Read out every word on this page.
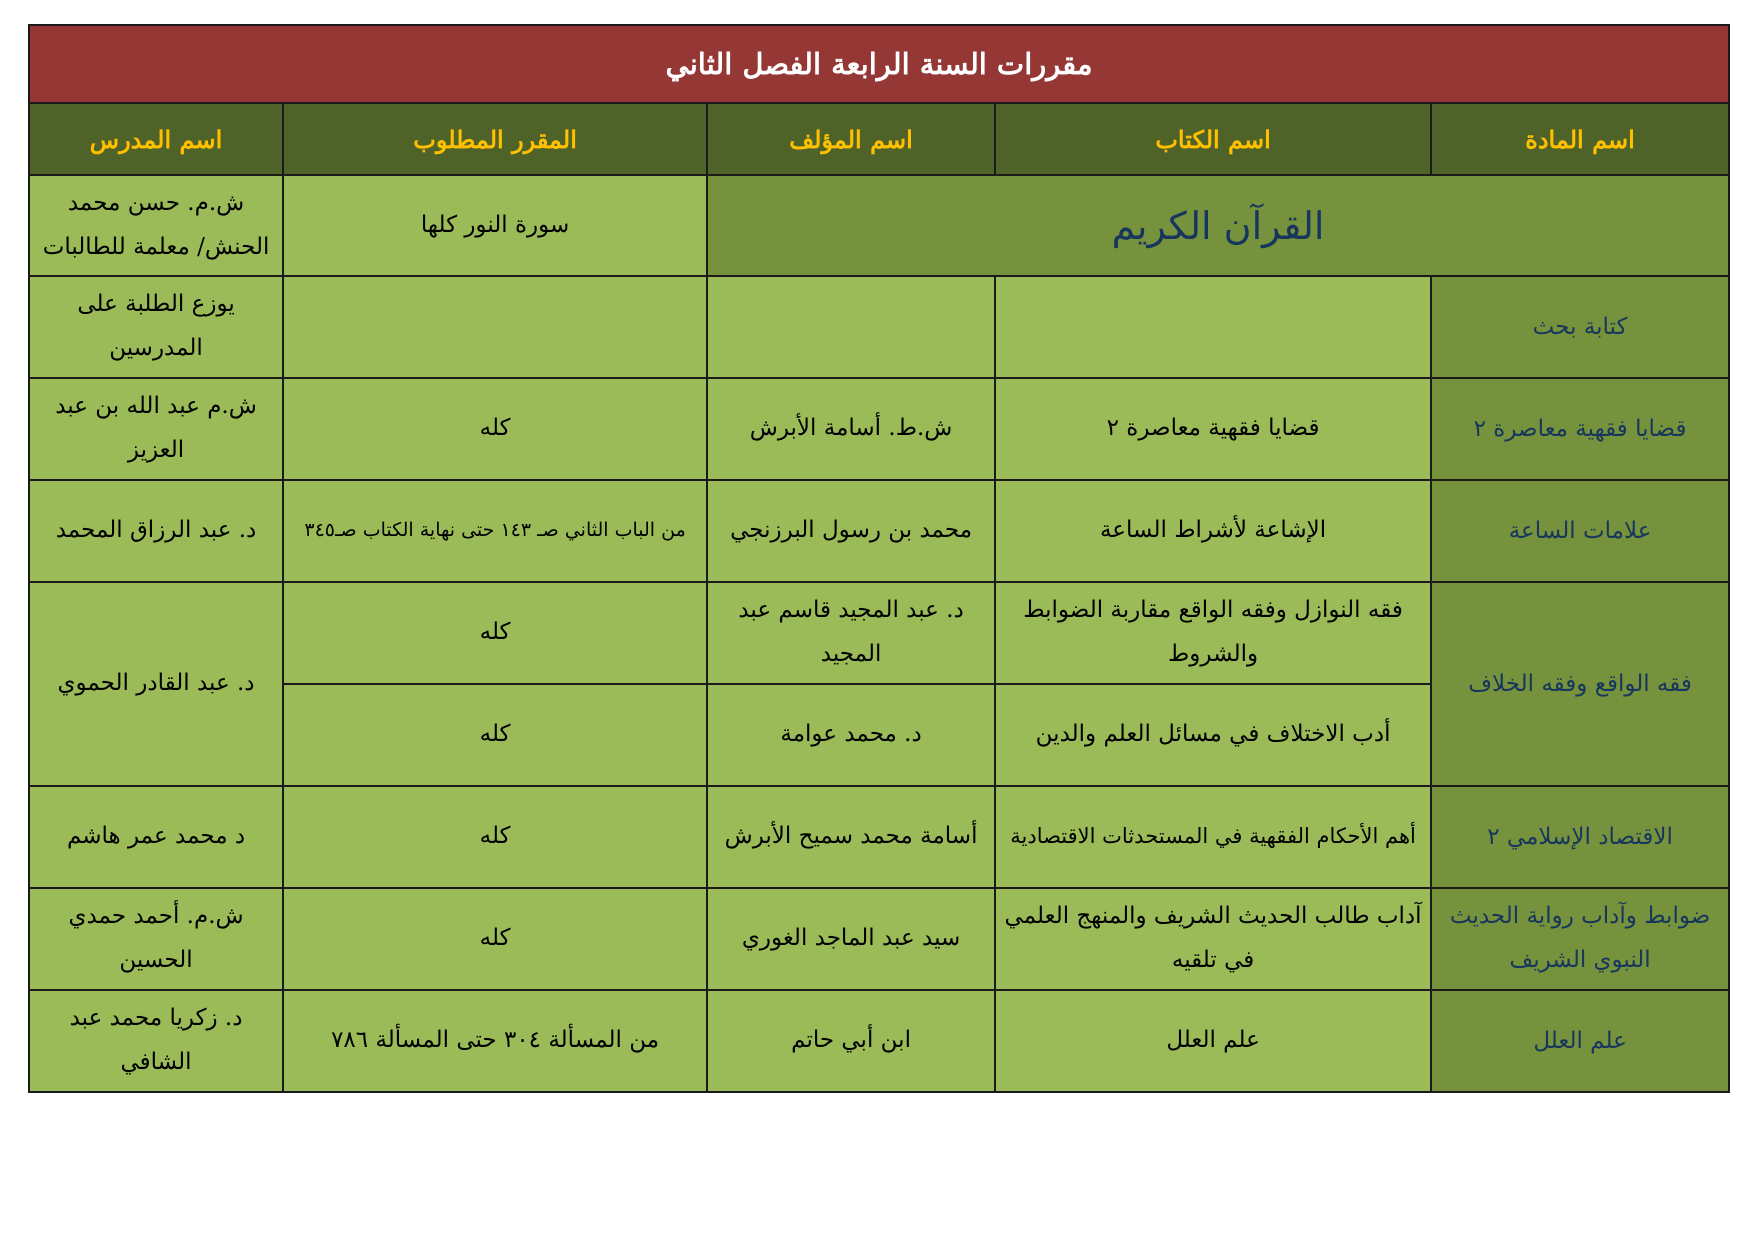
مقررات السنة الرابعة الفصل الثاني				
اسم المادة	اسم الكتاب	اسم المؤلف	المقرر المطلوب	اسم المدرس
القرآن الكريم			سورة النور كلها	ش.م. حسن محمد الحنش/ معلمة للطالبات
كتابة بحث				يوزع الطلبة على المدرسين
قضايا فقهية معاصرة ٢	قضايا فقهية معاصرة ٢	ش.ط. أسامة الأبرش	كله	ش.م عبد الله بن عبد العزيز
علامات الساعة	الإشاعة لأشراط الساعة	محمد بن رسول البرزنجي	من الباب الثاني صـ ١٤٣ حتى نهاية الكتاب صـ٣٤٥	د. عبد الرزاق المحمد
فقه الواقع وفقه الخلاف	فقه النوازل وفقه الواقع مقاربة الضوابط والشروط	د. عبد المجيد قاسم عبد المجيد	كله	د. عبد القادر الحموي
	أدب الاختلاف في مسائل العلم والدين	د. محمد عوامة	كله	
الاقتصاد الإسلامي ٢	أهم الأحكام الفقهية في المستحدثات الاقتصادية	أسامة محمد سميح الأبرش	كله	د محمد عمر هاشم
ضوابط وآداب رواية الحديث النبوي الشريف	آداب طالب الحديث الشريف والمنهج العلمي في تلقيه	سيد عبد الماجد الغوري	كله	ش.م. أحمد حمدي الحسين
علم العلل	علم العلل	ابن أبي حاتم	من المسألة ٣٠٤ حتى المسألة ٧٨٦	د. زكريا محمد عبد الشافي
